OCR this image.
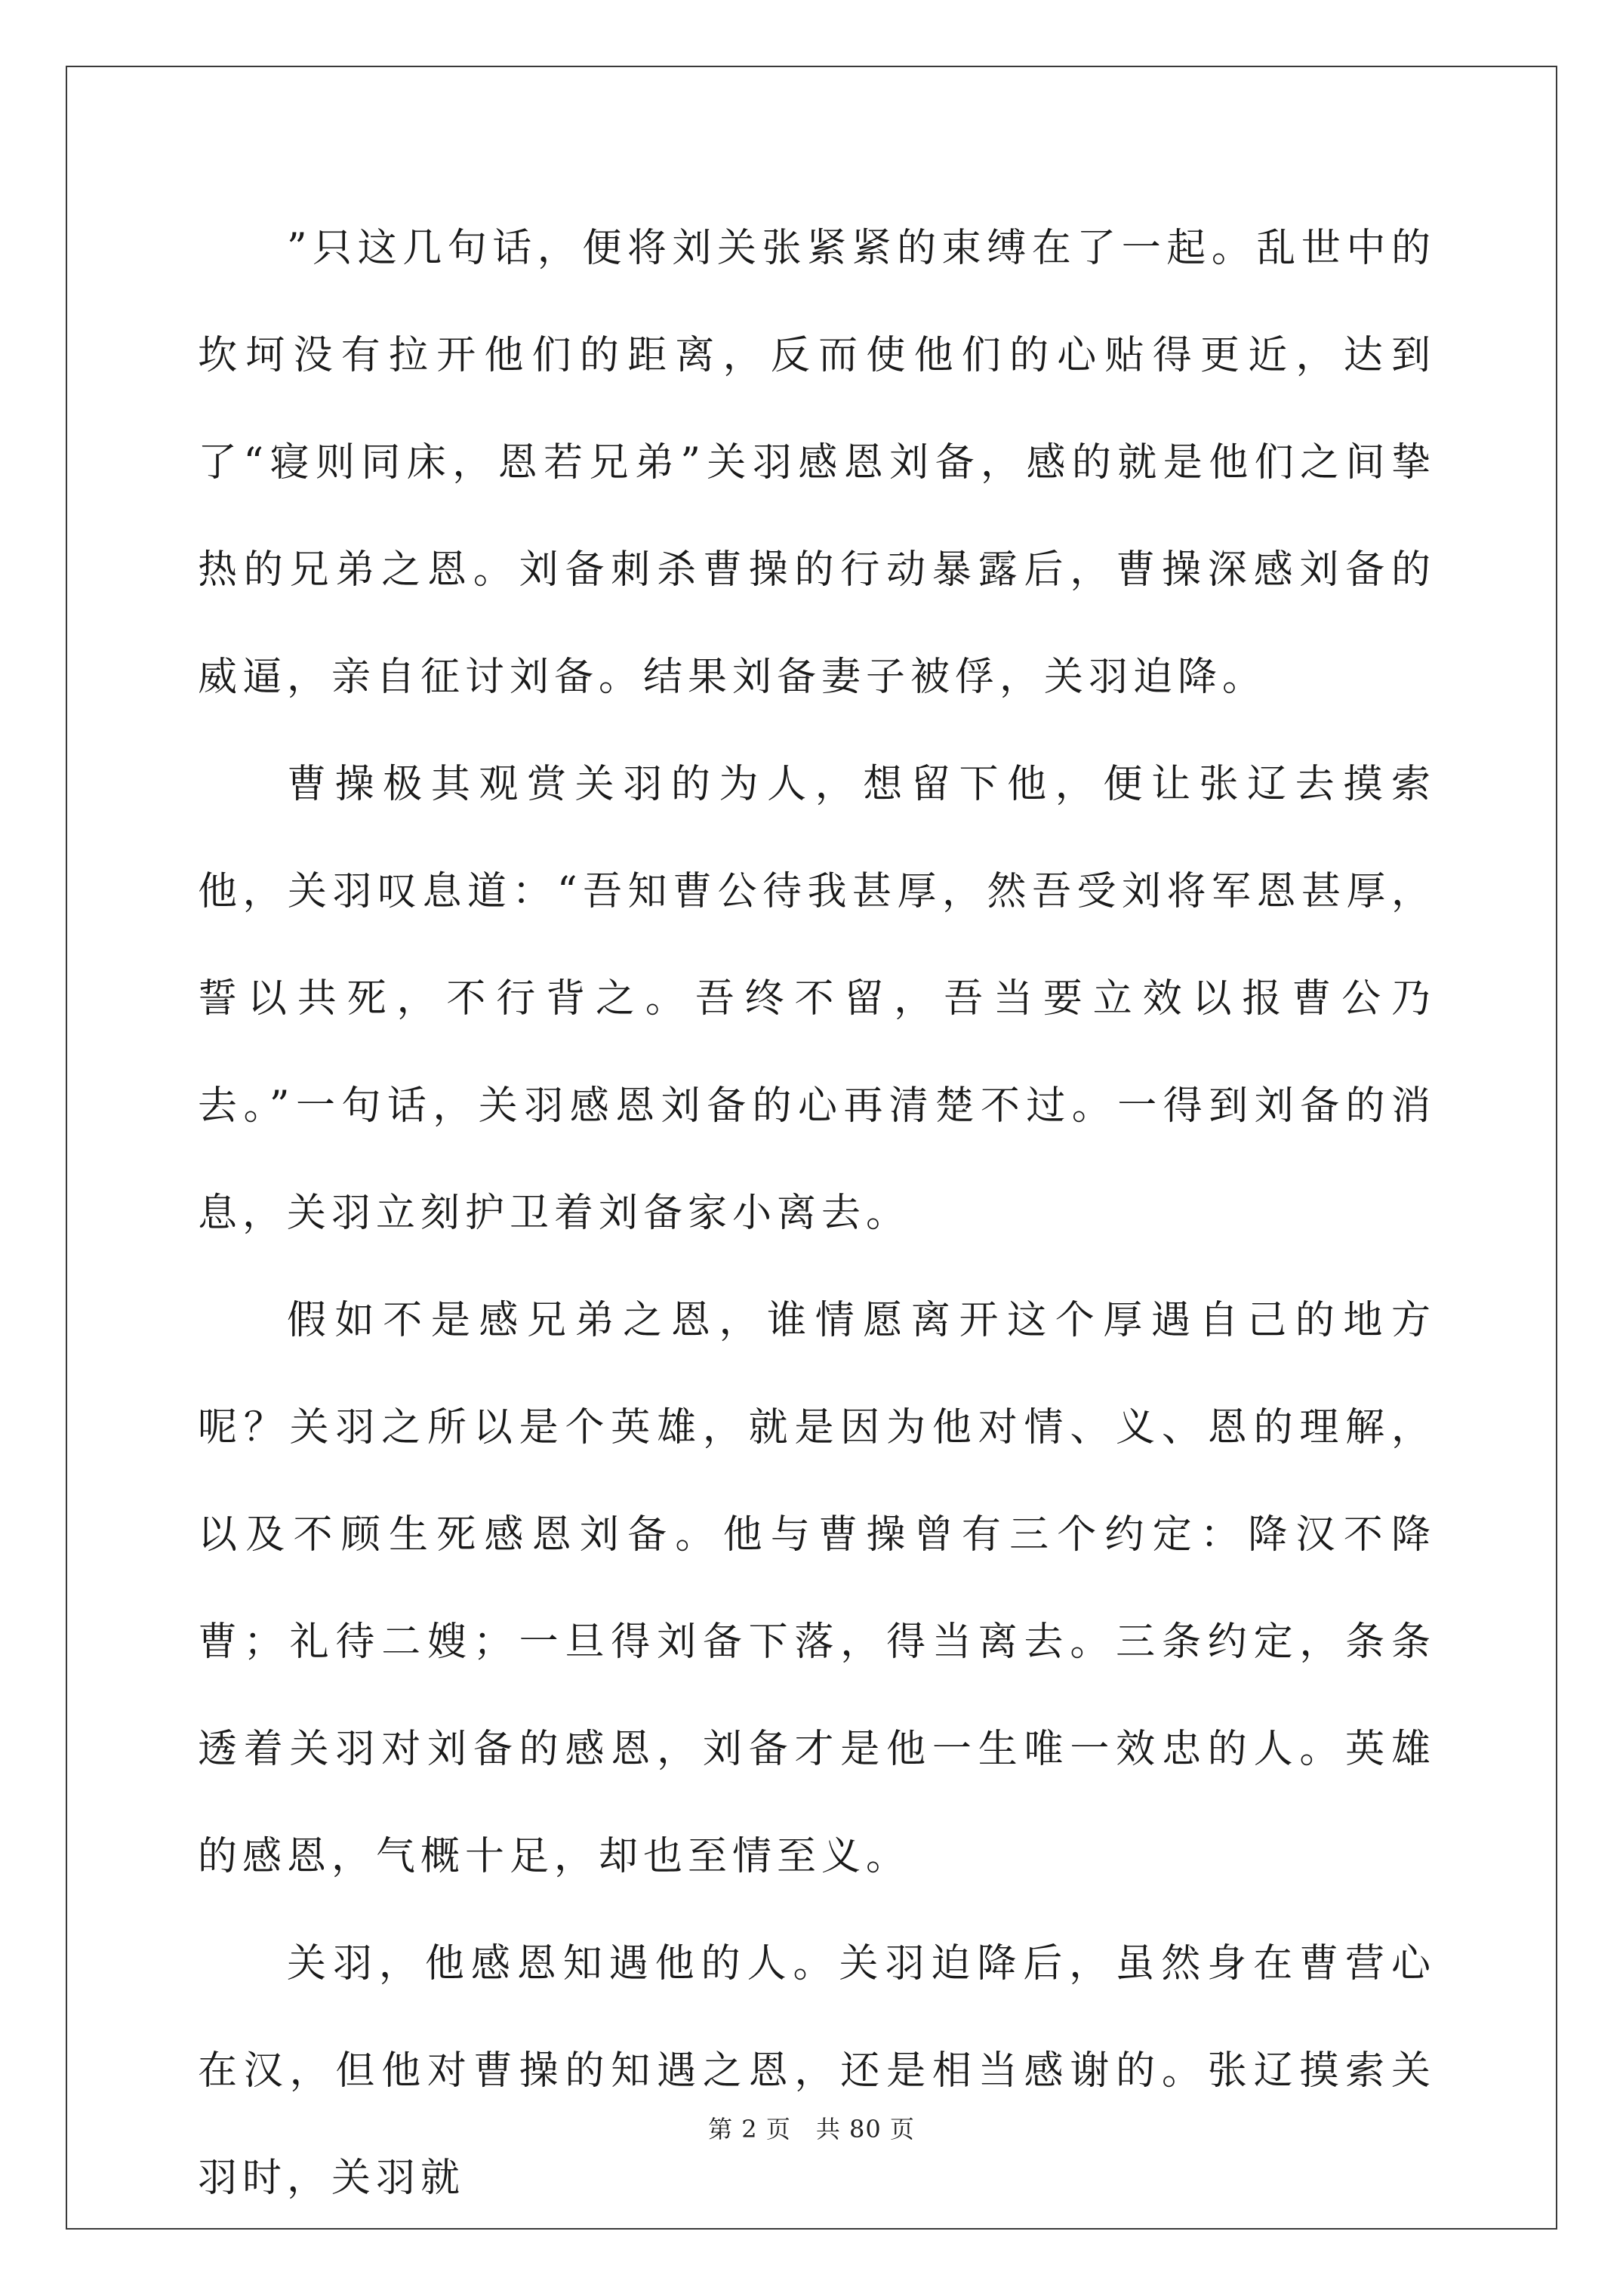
”只这几句话，便将刘关张紧紧的束缚在了一起。乱世中的坎坷没有拉开他们的距离，反而使他们的心贴得更近，达到了“寝则同床，恩若兄弟”关羽感恩刘备，感的就是他们之间挚热的兄弟之恩。刘备刺杀曹操的行动暴露后，曹操深感刘备的威逼，亲自征讨刘备。结果刘备妻子被俘，关羽迫降。

曹操极其观赏关羽的为人，想留下他，便让张辽去摸索他，关羽叹息道：“吾知曹公待我甚厚，然吾受刘将军恩甚厚，誓以共死，不行背之。吾终不留，吾当要立效以报曹公乃去。”一句话，关羽感恩刘备的心再清楚不过。一得到刘备的消息，关羽立刻护卫着刘备家小离去。

假如不是感兄弟之恩，谁情愿离开这个厚遇自己的地方呢？关羽之所以是个英雄，就是因为他对情、义、恩的理解，以及不顾生死感恩刘备。他与曹操曾有三个约定：降汉不降曹；礼待二嫂；一旦得刘备下落，得当离去。三条约定，条条透着关羽对刘备的感恩，刘备才是他一生唯一效忠的人。英雄的感恩，气概十足，却也至情至义。

关羽，他感恩知遇他的人。关羽迫降后，虽然身在曹营心在汉，但他对曹操的知遇之恩，还是相当感谢的。张辽摸索关羽时，关羽就

第 2 页　共 80 页
